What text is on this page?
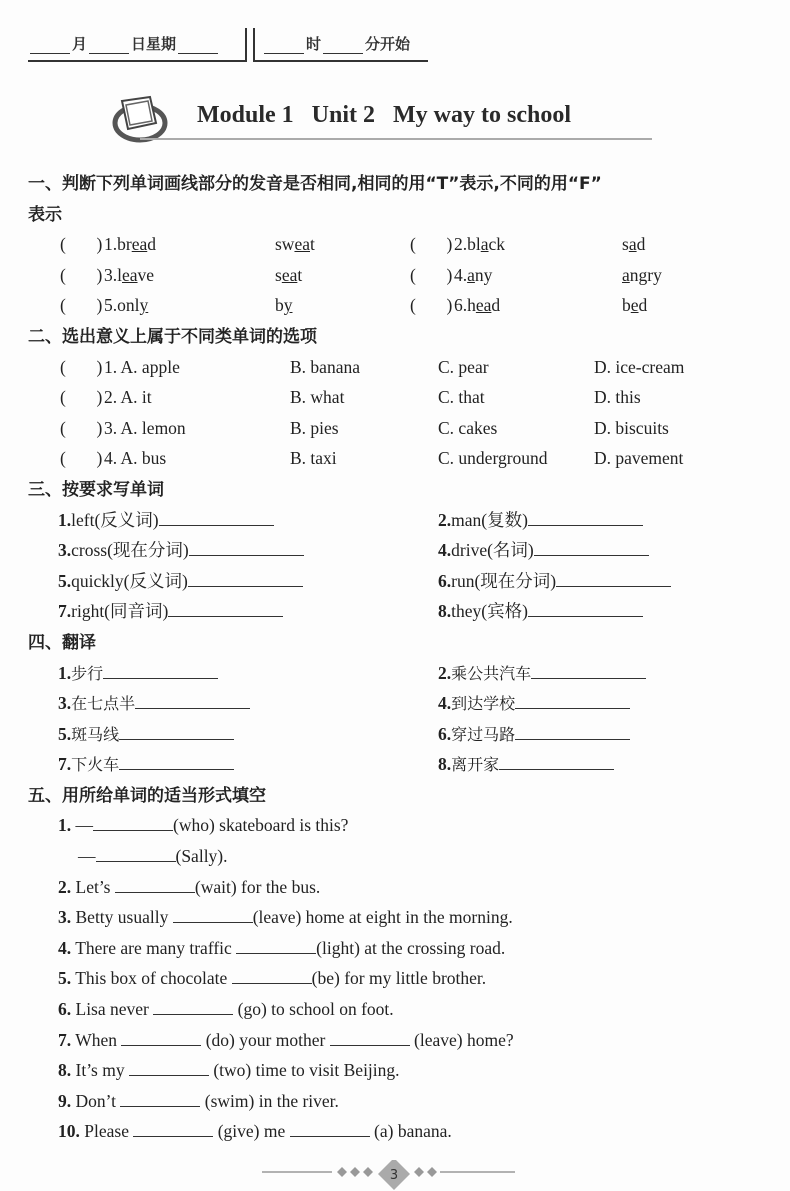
月	日星期	时	分开始
Module 1   Unit 2   My way to school
一、判断下列单词画线部分的发音是否相同,相同的用“T”表示,不同的用“F”
表示
(       )1.bread	sweat	(       )2.black	sad
(       )3.leave	seat	(       )4.any	angry
(       )5.only	by	(       )6.head	bed
二、选出意义上属于不同类单词的选项
(       )1. A. apple	B. banana	C. pear	D. ice-cream
(       )2. A. it	B. what	C. that	D. this
(       )3. A. lemon	B. pies	C. cakes	D. biscuits
(       )4. A. bus	B. taxi	C. underground	D. pavement
三、按要求写单词
1.left(反义词)	2.man(复数)
3.cross(现在分词)	4.drive(名词)
5.quickly(反义词)	6.run(现在分词)
7.right(同音词)	8.they(宾格)
四、翻译
1.步行	2.乘公共汽车
3.在七点半	4.到达学校
5.斑马线	6.穿过马路
7.下火车	8.离开家
五、用所给单词的适当形式填空
1. —	(who) skateboard is this?
—	(Sally).
2. Let’s	(wait) for the bus.
3. Betty usually	(leave) home at eight in the morning.
4. There are many traffic	(light) at the crossing road.
5. This box of chocolate	(be) for my little brother.
6. Lisa never	(go) to school on foot.
7. When	(do) your mother	(leave) home?
8. It’s my	(two) time to visit Beijing.
9. Don’t	(swim) in the river.
10. Please	(give) me	(a) banana.
3
